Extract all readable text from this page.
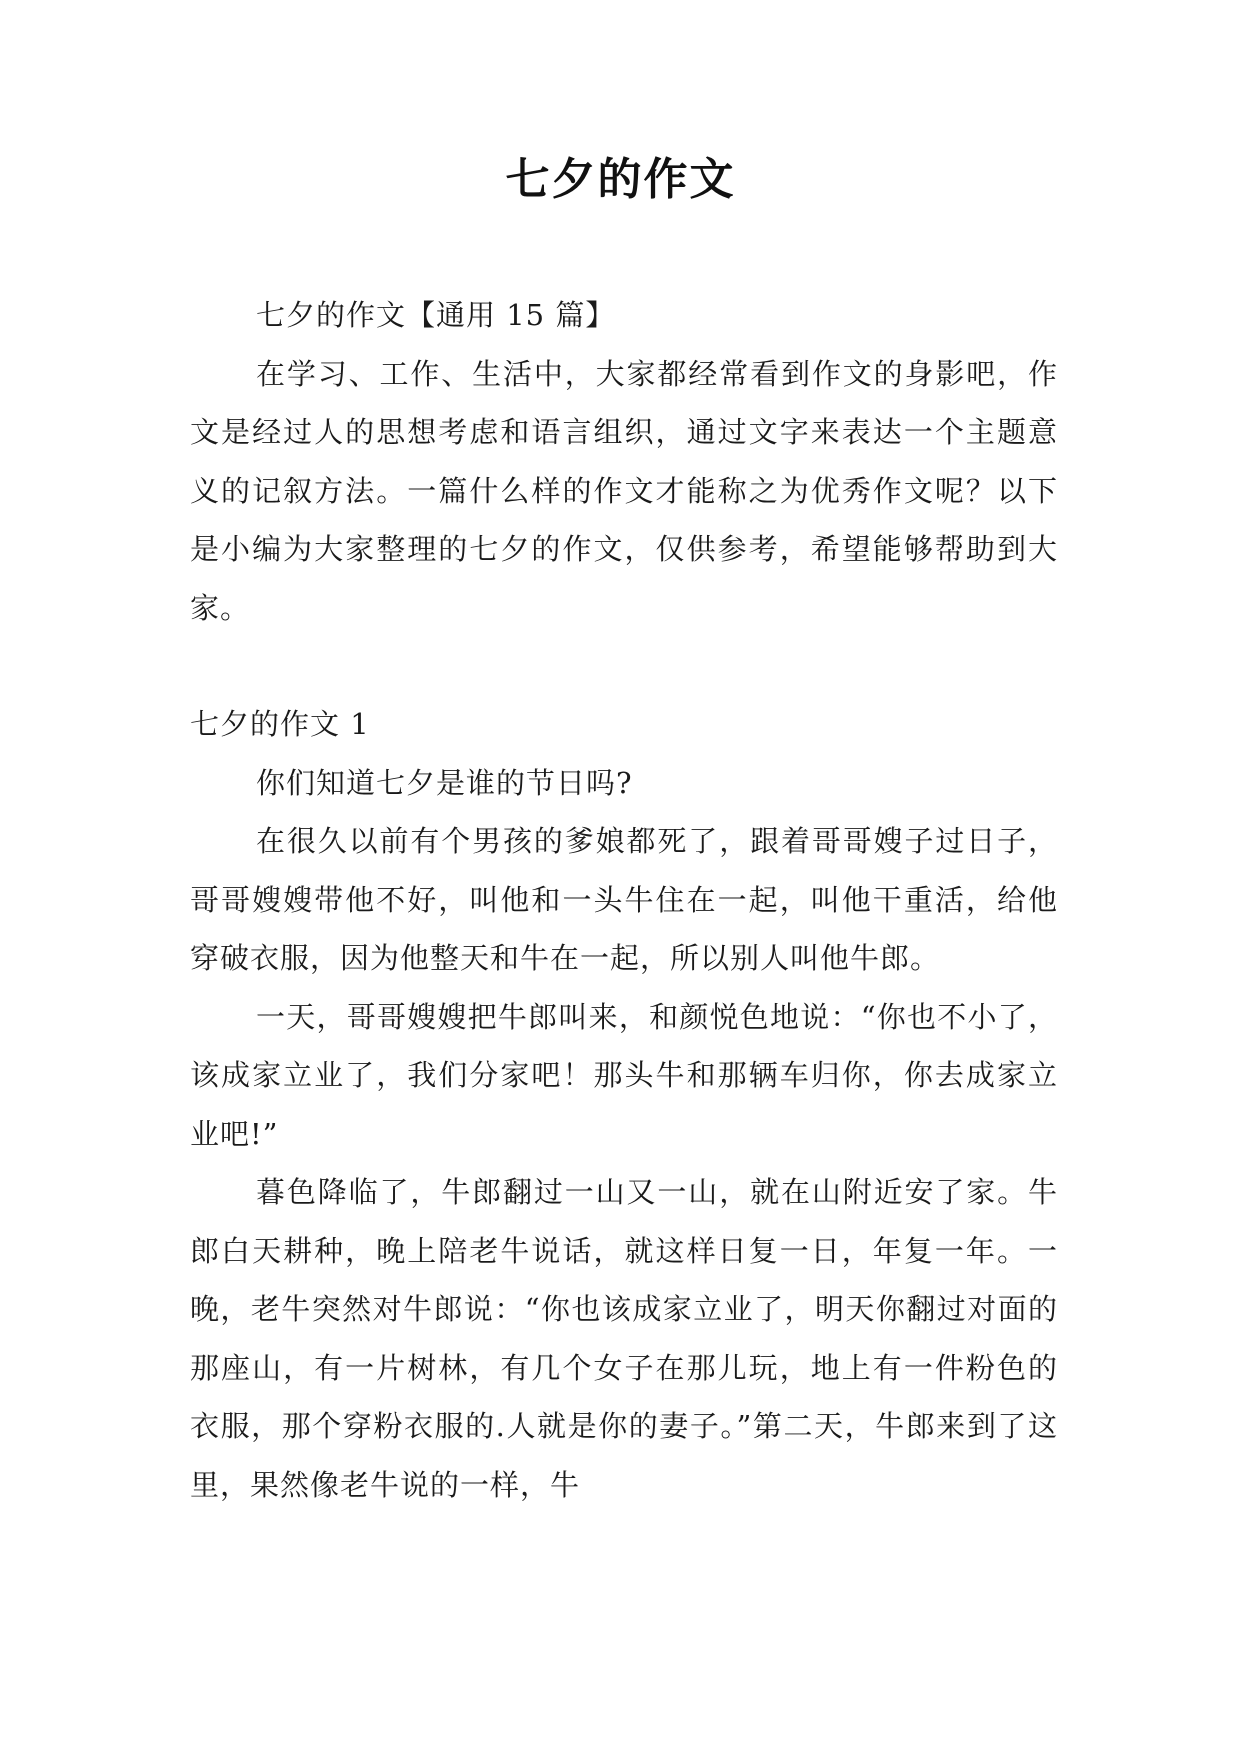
七夕的作文

七夕的作文【通用 15 篇】

在学习、工作、生活中，大家都经常看到作文的身影吧，作文是经过人的思想考虑和语言组织，通过文字来表达一个主题意义的记叙方法。一篇什么样的作文才能称之为优秀作文呢？以下是小编为大家整理的七夕的作文，仅供参考，希望能够帮助到大家。

七夕的作文 1

你们知道七夕是谁的节日吗?

在很久以前有个男孩的爹娘都死了，跟着哥哥嫂子过日子，哥哥嫂嫂带他不好，叫他和一头牛住在一起，叫他干重活，给他穿破衣服，因为他整天和牛在一起，所以别人叫他牛郎。

一天，哥哥嫂嫂把牛郎叫来，和颜悦色地说：“你也不小了，该成家立业了，我们分家吧！那头牛和那辆车归你，你去成家立业吧!”

暮色降临了，牛郎翻过一山又一山，就在山附近安了家。牛郎白天耕种，晚上陪老牛说话，就这样日复一日，年复一年。一晚，老牛突然对牛郎说：“你也该成家立业了，明天你翻过对面的那座山，有一片树林，有几个女子在那儿玩，地上有一件粉色的衣服，那个穿粉衣服的.人就是你的妻子。”第二天，牛郎来到了这里，果然像老牛说的一样，牛
